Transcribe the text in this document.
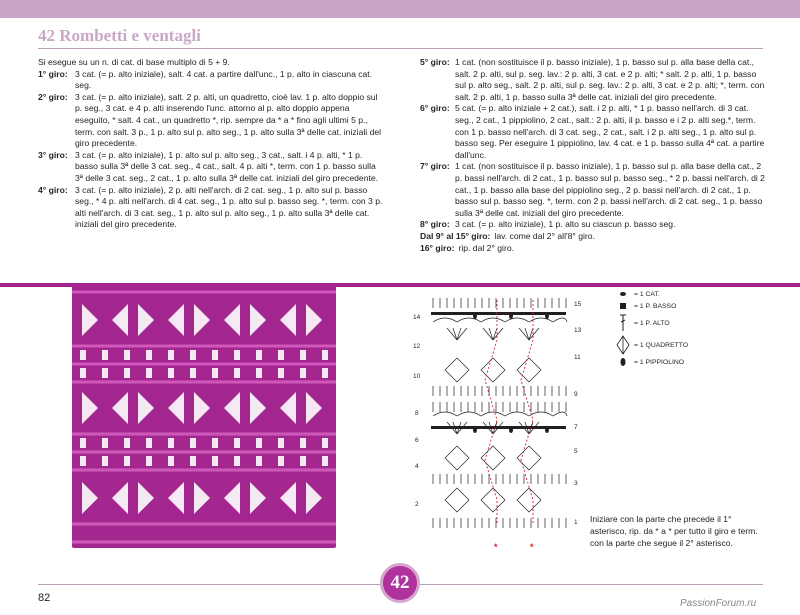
42 Rombetti e ventagli

Si esegue su un n. di cat. di base multiplo di 5 + 9.

1° giro: 3 cat. (= p. alto iniziale), salt. 4 cat. a partire dall'unc., 1 p. alto in ciascuna cat. seg.
2° giro: 3 cat. (= p. alto iniziale), salt. 2 p. alti, un quadretto, cioè lav. 1 p. alto doppio sul p. seg., 3 cat. e 4 p. alti inserendo l'unc. attorno al p. alto doppio appena eseguito, * salt. 4 cat., un quadretto *, rip. sempre da * a * fino agli ultimi 5 p., term. con salt. 3 p., 1 p. alto sul p. alto seg., 1 p. alto sulla 3ª delle cat. iniziali del giro precedente.
3° giro: 3 cat. (= p. alto iniziale), 1 p. alto sul p. alto seg., 3 cat., salt. i 4 p. alti, * 1 p. basso sulla 3ª delle 3 cat. seg., 4 cat., salt. 4 p. alti *, term. con 1 p. basso sulla 3ª delle 3 cat. seg., 2 cat., 1 p. alto sulla 3ª delle cat. iniziali del giro precedente.
4° giro: 3 cat. (= p. alto iniziale), 2 p. alti nell'arch. di 2 cat. seg., 1 p. alto sul p. basso seg., * 4 p. alti nell'arch. di 4 cat. seg., 1 p. alto sul p. basso seg. *, term. con 3 p. alti nell'arch. di 3 cat. seg., 1 p. alto sul p. alto seg., 1 p. alto sulla 3ª delle cat. iniziali del giro precedente.
5° giro: 1 cat. (non sostituisce il p. basso iniziale), 1 p. basso sul p. alla base della cat., salt. 2 p. alti, sul p. seg. lav.: 2 p. alti, 3 cat. e 2 p. alti; * salt. 2 p. alti, 1 p. basso sul p. alto seg., salt. 2 p. alti, sul p. seg. lav.: 2 p. alti, 3 cat. e 2 p. alti; *, term. con salt. 2 p. alti, 1 p. basso sulla 3ª delle cat. iniziali del giro precedente.
6° giro: 5 cat. (= p. alto iniziale + 2 cat.), salt. i 2 p. alti, * 1 p. basso nell'arch. di 3 cat. seg., 2 cat., 1 pippiolino, 2 cat., salt.: 2 p. alti, il p. basso e i 2 p. alti seg.*, term. con 1 p. basso nell'arch. di 3 cat. seg., 2 cat., salt. i 2 p. alti seg., 1 p. alto sul p. basso seg. Per eseguire 1 pippiolino, lav. 4 cat. e 1 p. basso sulla 4ª cat. a partire dall'unc.
7° giro: 1 cat. (non sostituisce il p. basso iniziale), 1 p. basso sul p. alla base della cat., 2 p. bassi nell'arch. di 2 cat., 1 p. basso sul p. basso seg., * 2 p. bassi nell'arch. di 2 cat., 1 p. basso alla base del pippiolino seg., 2 p. bassi nell'arch. di 2 cat., 1 p. basso sul p. basso seg. *, term. con 2 p. bassi nell'arch. di 2 cat. seg., 1 p. basso sulla 3ª delle cat. iniziali del giro precedente.
8° giro: 3 cat. (= p. alto iniziale), 1 p. alto su ciascun p. basso seg.
Dal 9° al 15° giro: lav. come dal 2° all'8° giro.
16° giro: rip. dal 2° giro.
14
12
10
8
6
4
2
15
13
11
9
7
5
3
1
*	*
= 1 CAT.
= 1 P. BASSO
= 1 P. ALTO
= 1 QUADRETTO
= 1 PIPPIOLINO
Iniziare con la parte che precede il 1° asterisco, rip. da * a * per tutto il giro e term. con la parte che segue il 2° asterisco.
82
42
PassionForum.ru
